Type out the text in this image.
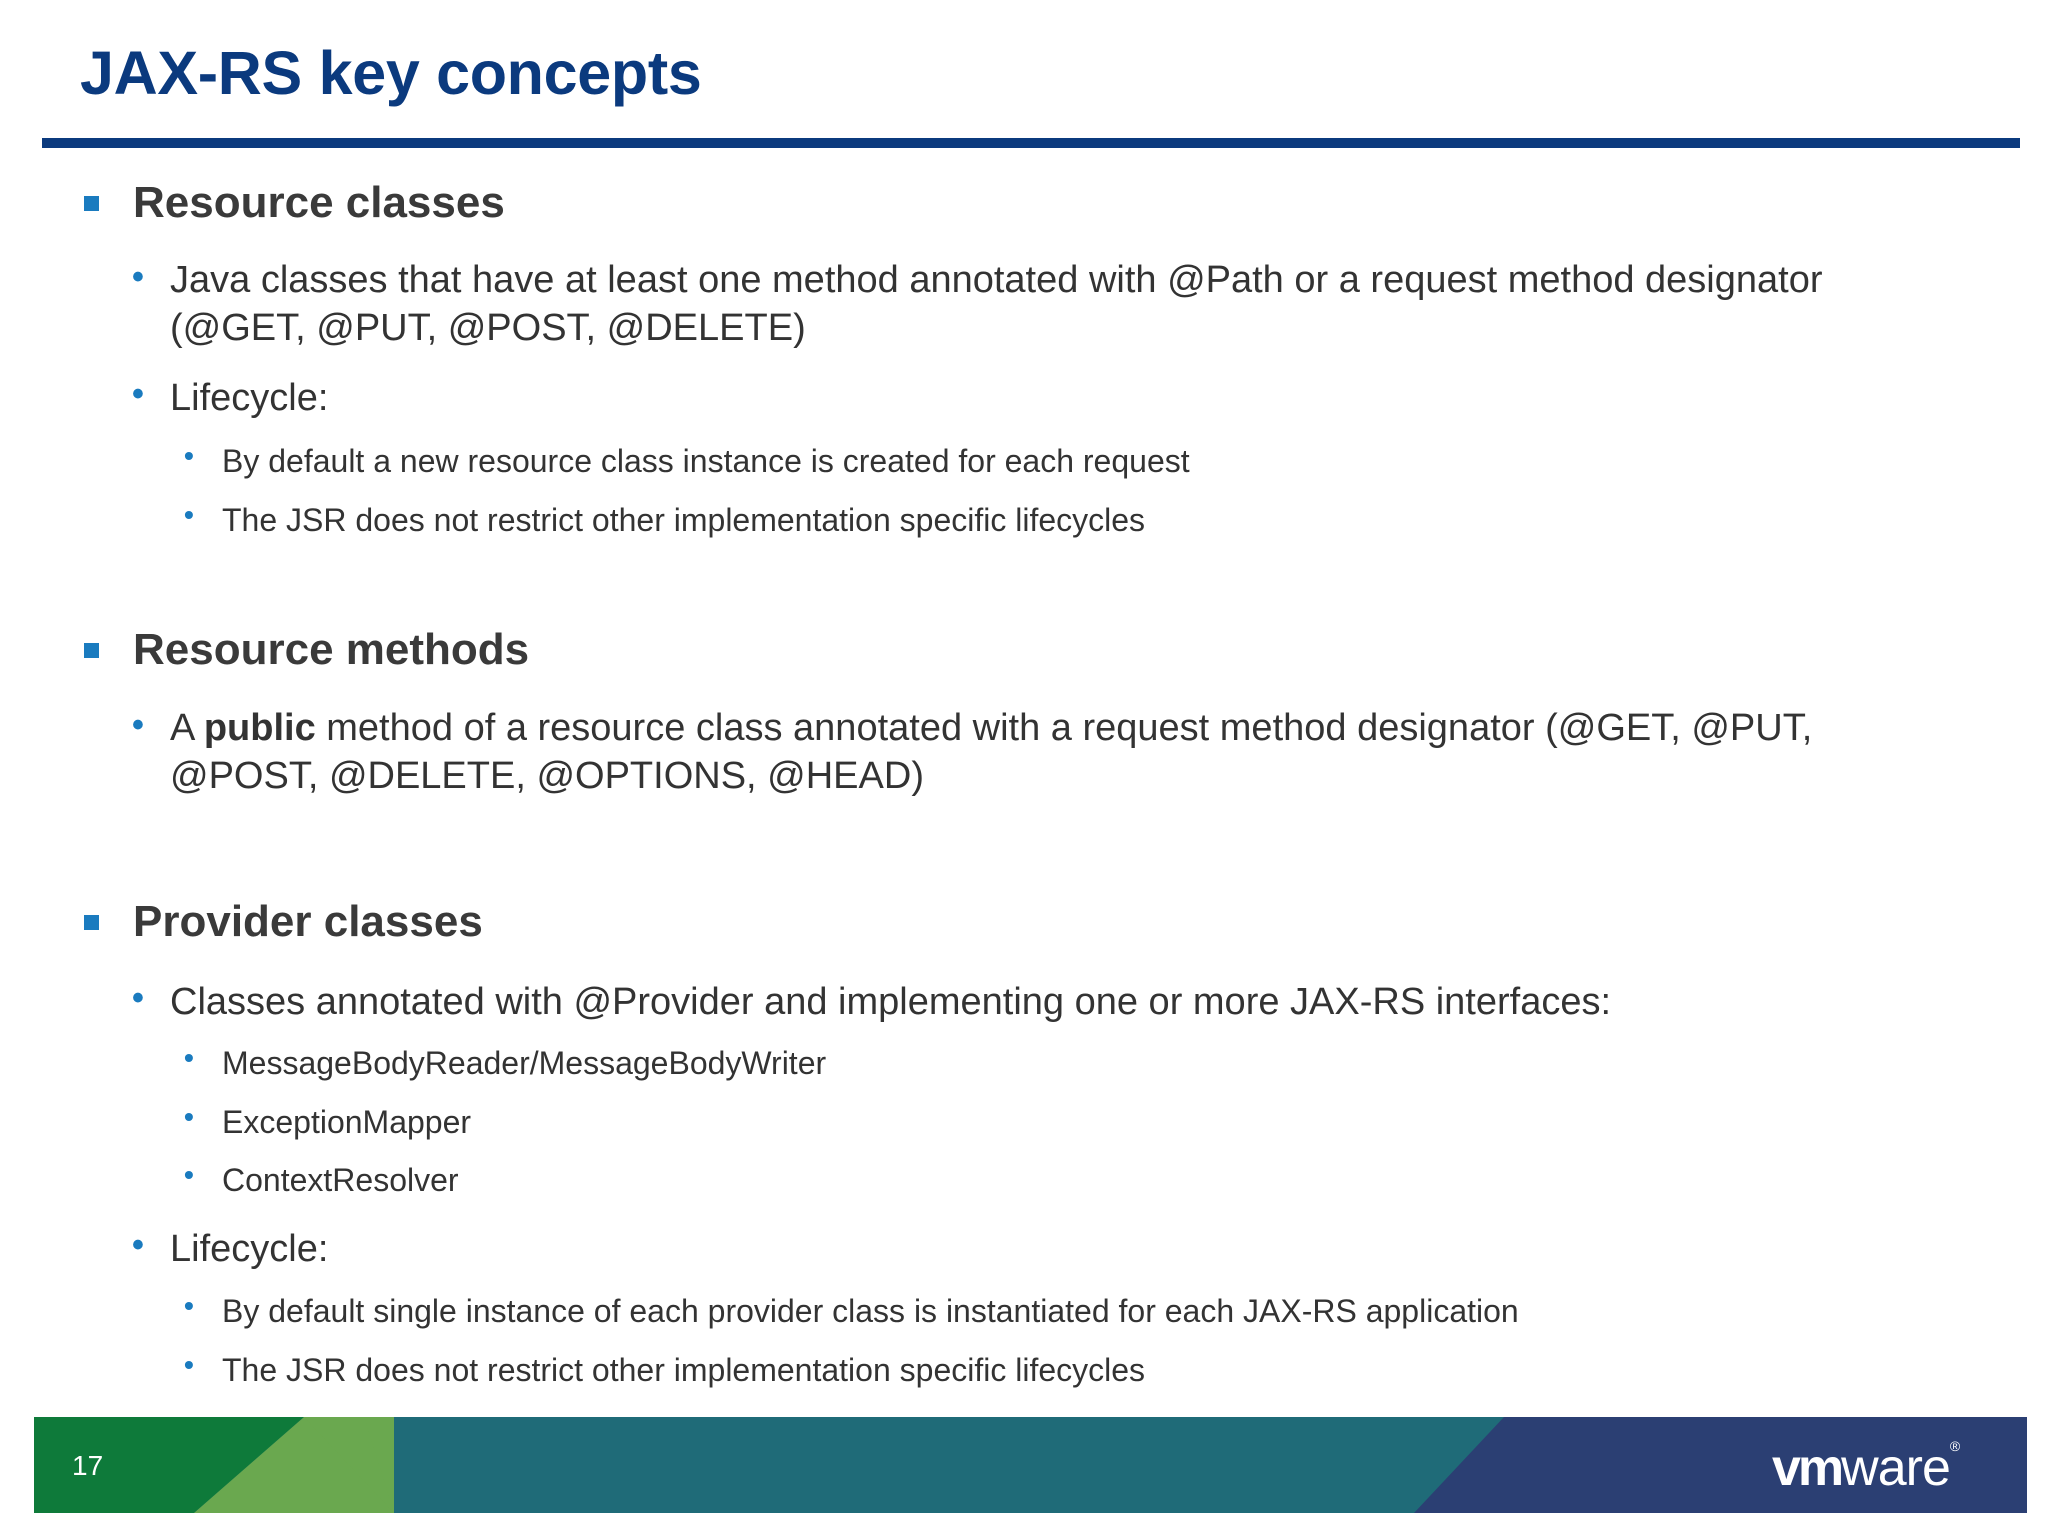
JAX-RS key concepts
Resource classes
• Java classes that have at least one method annotated with @Path or a request method designator (@GET, @PUT, @POST, @DELETE)
• Lifecycle:
• By default a new resource class instance is created for each request
• The JSR does not restrict other implementation specific lifecycles
Resource methods
• A public method of a resource class annotated with a request method designator (@GET, @PUT, @POST, @DELETE, @OPTIONS, @HEAD)
Provider classes
• Classes annotated with @Provider and implementing one or more JAX-RS interfaces:
• MessageBodyReader/MessageBodyWriter
• ExceptionMapper
• ContextResolver
• Lifecycle:
• By default single instance of each provider class is instantiated for each JAX-RS application
• The JSR does not restrict other implementation specific lifecycles
17	vmware®
